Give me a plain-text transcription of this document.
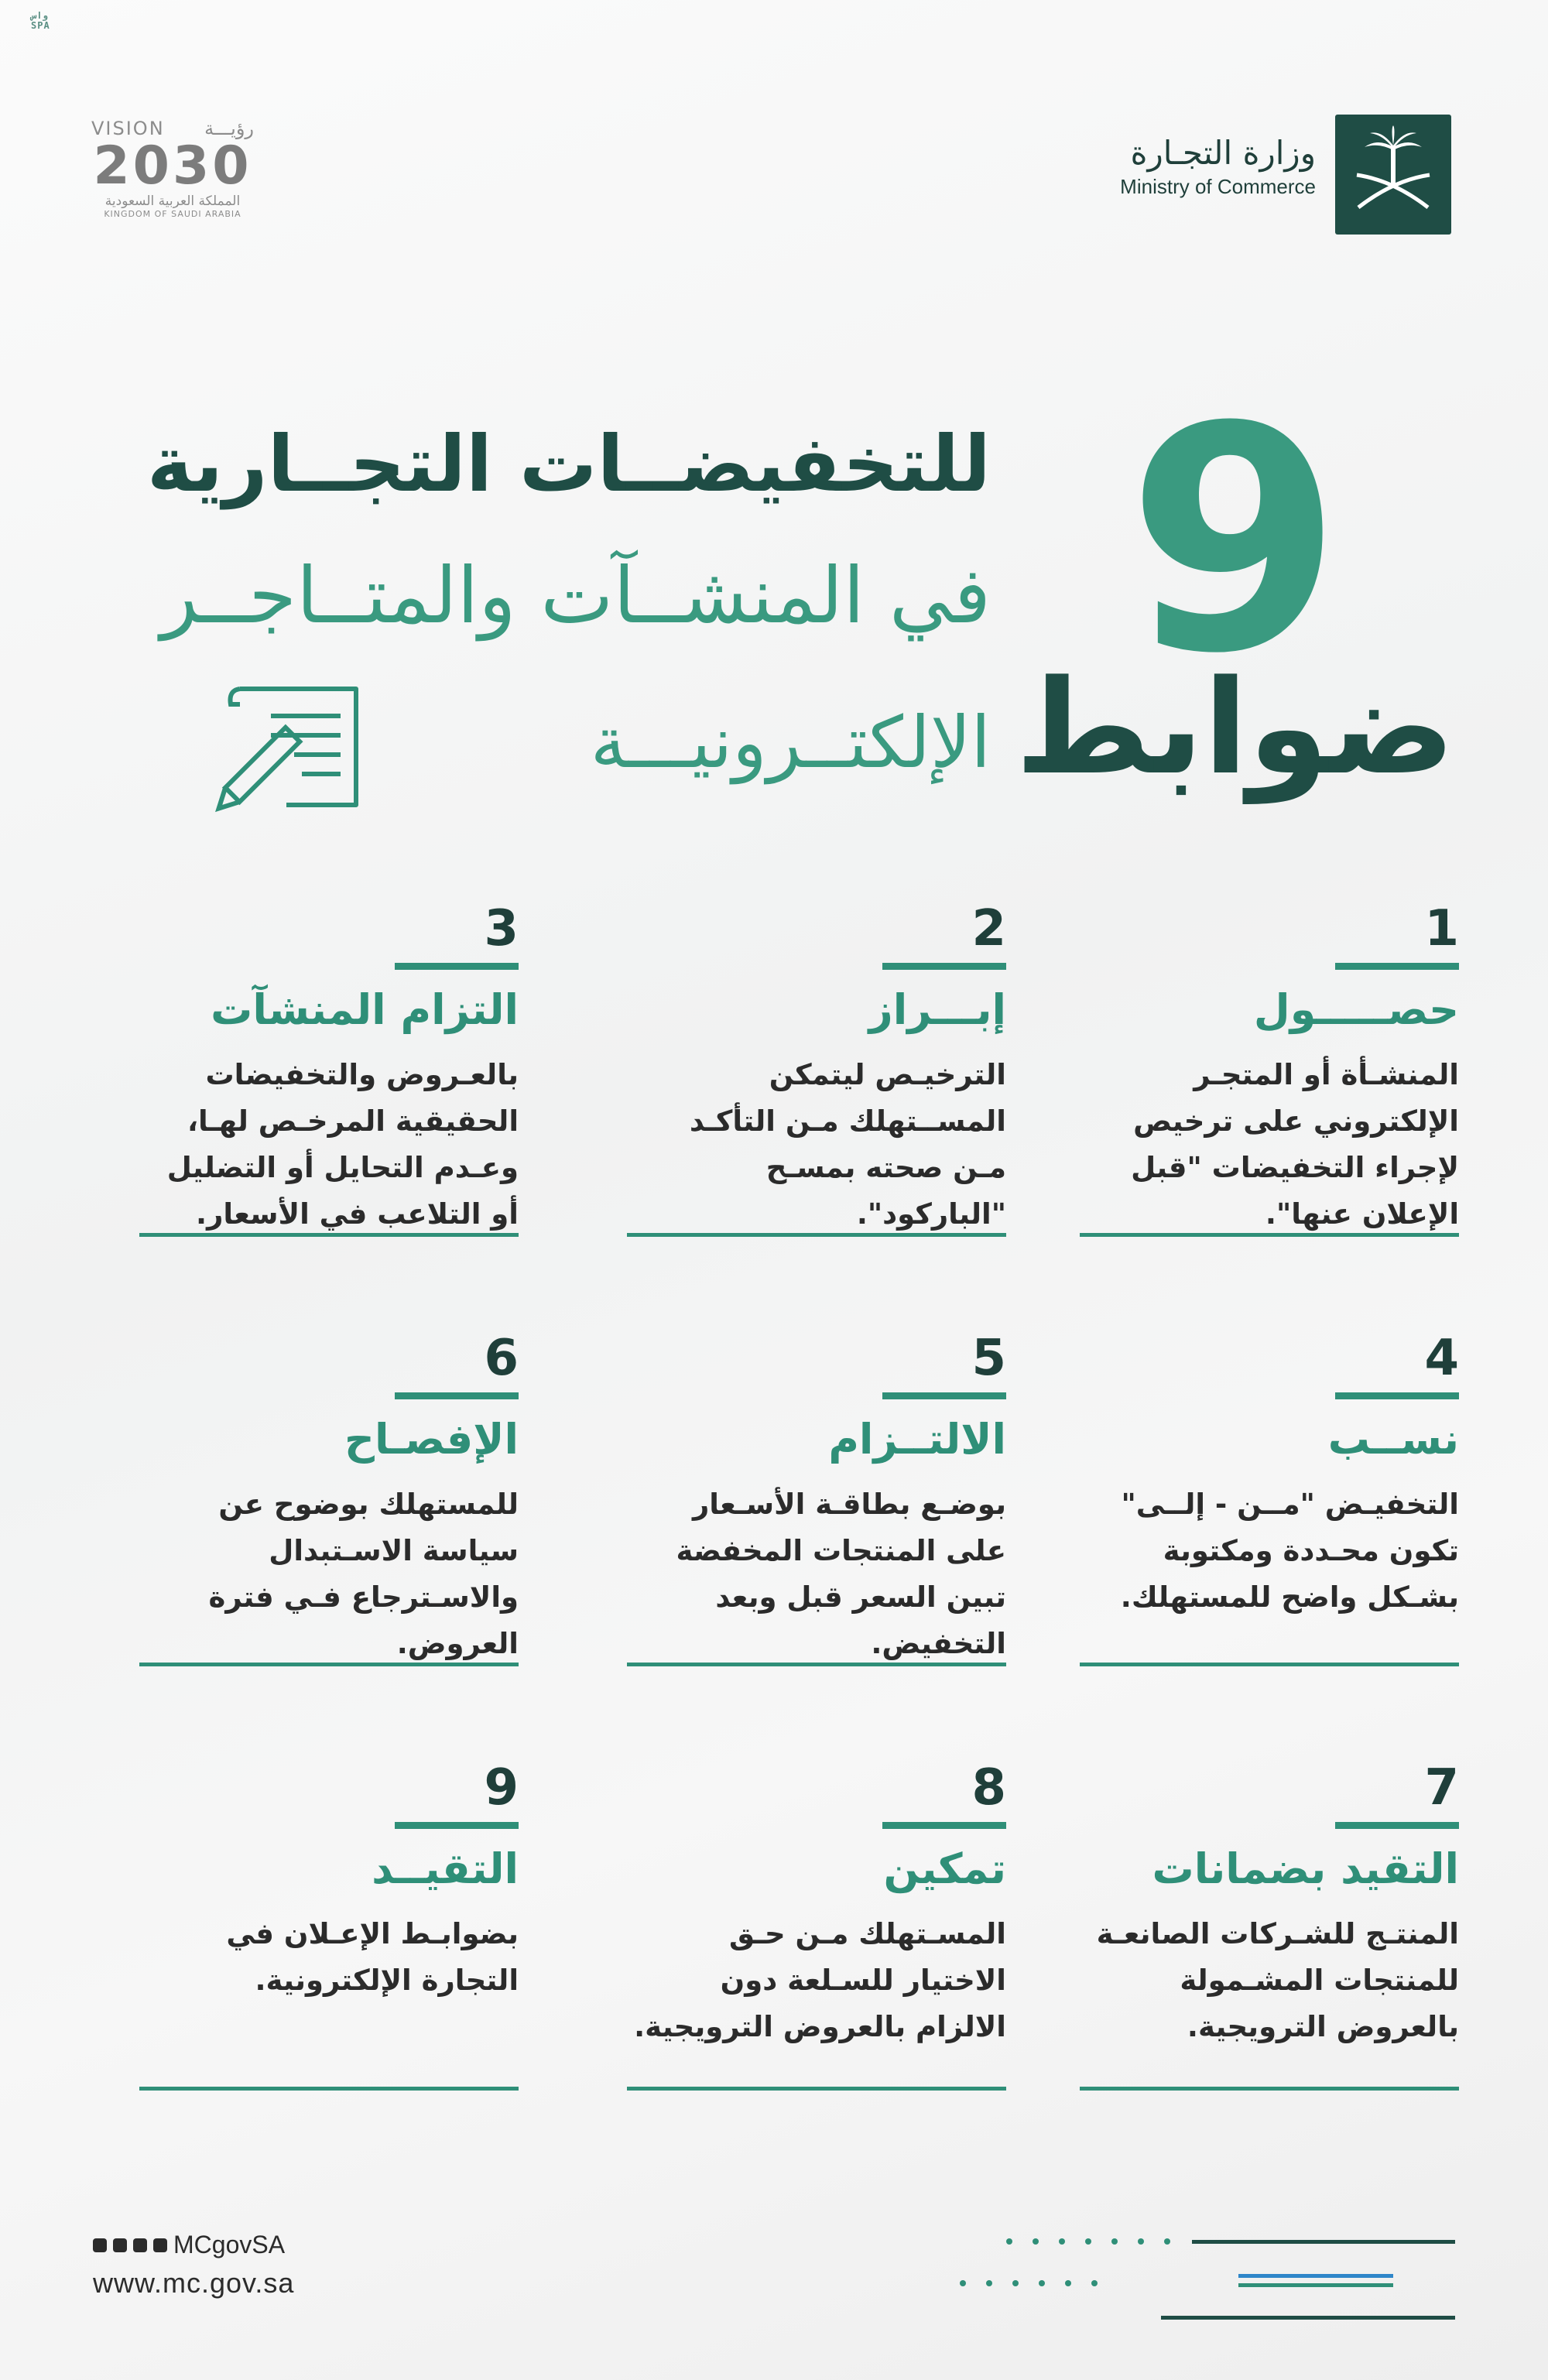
واس SPA
VISION رؤيـــة
2030
المملكة العربية السعودية
KINGDOM OF SAUDI ARABIA
وزارة التجـارة
Ministry of Commerce
9
ضوابط
للتخفيضــات التجــارية
في المنشــآت والمتــاجــر
الإلكتــرونيـــة
1
حصـــــول
المنشـأة أو المتجـر الإلكتروني على ترخيص لإجراء التخفيضات "قبل الإعلان عنها".
2
إبـــراز
الترخيـص ليتمكن المســتهلك مـن التأكـد مـن صحته بمسـح "الباركود".
3
التزام المنشآت
بالعـروض والتخفيضات الحقيقية المرخـص لهـا، وعـدم التحايل أو التضليل أو التلاعب في الأسعار.
4
نســب
التخفيـض "مــن - إلــى" تكون محـددة ومكتوبة بشـكل واضح للمستهلك.
5
الالتــزام
بوضـع بطاقـة الأسـعار على المنتجات المخفضة تبين السعر قبل وبعد التخفيض.
6
الإفصـاح
للمستهلك بوضوح عن سياسة الاسـتبدال والاسـترجاع فـي فترة العروض.
7
التقيد بضمانات
المنتـج للشـركات الصانعـة للمنتجات المشـمولة بالعروض الترويجية.
8
تمكين
المسـتهلك مـن حـق الاختيار للسـلعة دون الالزام بالعروض الترويجية.
9
التقيــد
بضوابـط الإعـلان في التجارة الإلكترونية.
MCgovSA
www.mc.gov.sa
